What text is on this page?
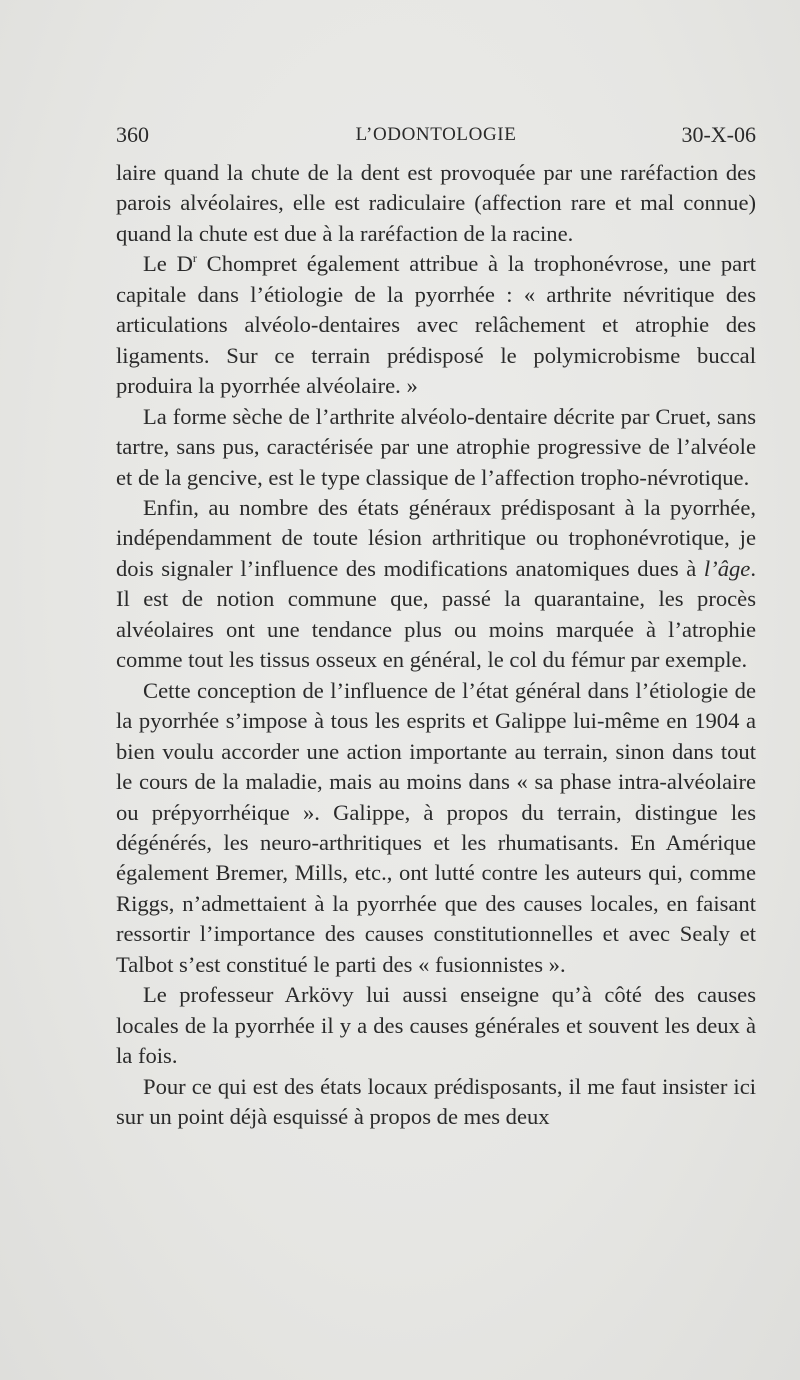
360	L’ODONTOLOGIE	30-X-06

laire quand la chute de la dent est provoquée par une raréfaction des parois alvéolaires, elle est radiculaire (affection rare et mal connue) quand la chute est due à la raréfaction de la racine.

Le $D^r$ Chompret également attribue à la trophonévrose, une part capitale dans l’étiologie de la pyorrhée : « arthrite névritique des articulations alvéolo-dentaires avec relâchement et atrophie des ligaments. Sur ce terrain prédisposé le polymicrobisme buccal produira la pyorrhée alvéolaire. »

La forme sèche de l’arthrite alvéolo-dentaire décrite par Cruet, sans tartre, sans pus, caractérisée par une atrophie progressive de l’alvéole et de la gencive, est le type classique de l’affection tropho-névrotique.

Enfin, au nombre des états généraux prédisposant à la pyorrhée, indépendamment de toute lésion arthritique ou trophonévrotique, je dois signaler l’influence des modifications anatomiques dues à l’âge. Il est de notion commune que, passé la quarantaine, les procès alvéolaires ont une tendance plus ou moins marquée à l’atrophie comme tout les tissus osseux en général, le col du fémur par exemple.

Cette conception de l’influence de l’état général dans l’étiologie de la pyorrhée s’impose à tous les esprits et Galippe lui-même en 1904 a bien voulu accorder une action importante au terrain, sinon dans tout le cours de la maladie, mais au moins dans « sa phase intra-alvéolaire ou prépyorrhéique ». Galippe, à propos du terrain, distingue les dégénérés, les neuro-arthritiques et les rhumatisants. En Amérique également Bremer, Mills, etc., ont lutté contre les auteurs qui, comme Riggs, n’admettaient à la pyorrhée que des causes locales, en faisant ressortir l’importance des causes constitutionnelles et avec Sealy et Talbot s’est constitué le parti des « fusionnistes ».

Le professeur Arkövy lui aussi enseigne qu’à côté des causes locales de la pyorrhée il y a des causes générales et souvent les deux à la fois.

Pour ce qui est des états locaux prédisposants, il me faut insister ici sur un point déjà esquissé à propos de mes deux
